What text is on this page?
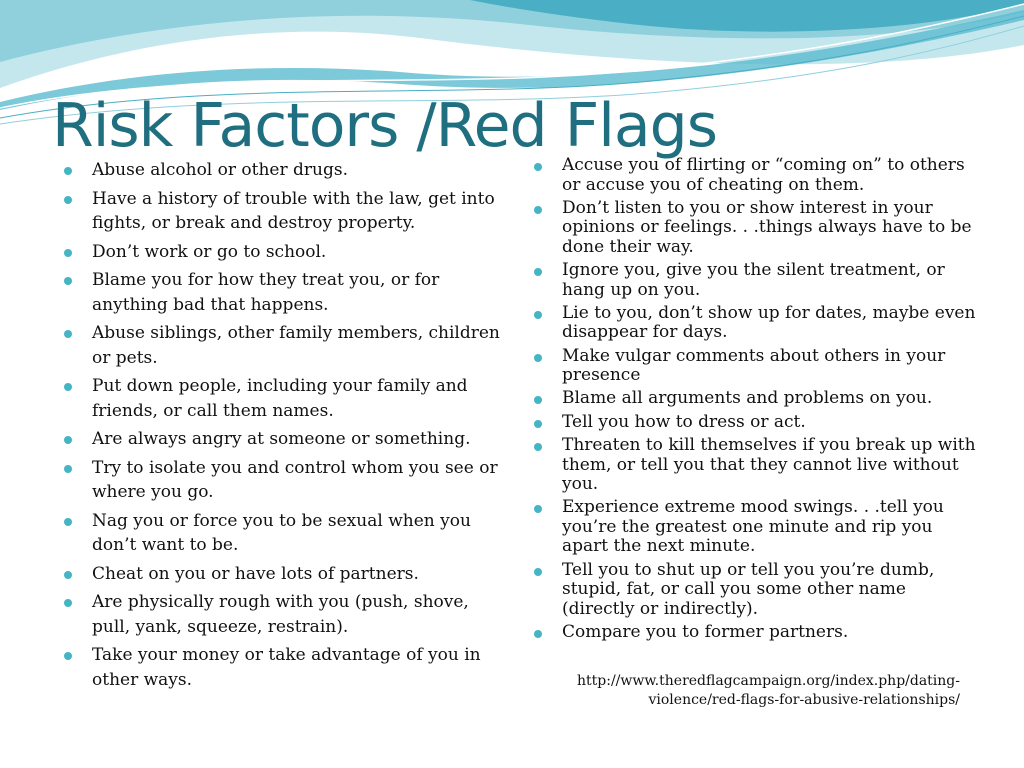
Risk Factors /Red Flags
Abuse alcohol or other drugs.
Have a history of trouble with the law, get into fights, or break and destroy property.
Don’t work or go to school.
Blame you for how they treat you, or for anything bad that happens.
Abuse siblings, other family members, children or pets.
Put down people, including your family and friends, or call them names.
Are always angry at someone or something.
Try to isolate you and control whom you see or where you go.
Nag you or force you to be sexual when you don’t want to be.
Cheat on you or have lots of partners.
Are physically rough with you (push, shove, pull, yank, squeeze, restrain).
Take your money or take advantage of you in other ways.
Accuse you of flirting or “coming on” to others or accuse you of cheating on them.
Don’t listen to you or show interest in your opinions or feelings. . .things always have to be done their way.
Ignore you, give you the silent treatment, or hang up on you.
Lie to you, don’t show up for dates, maybe even disappear for days.
Make vulgar comments about others in your presence
Blame all arguments and problems on you.
Tell you how to dress or act.
Threaten to kill themselves if you break up with them, or tell you that they cannot live without you.
Experience extreme mood swings. . .tell you you’re the greatest one minute and rip you apart the next minute.
Tell you to shut up or tell you you’re dumb, stupid, fat, or call you some other name (directly or indirectly).
Compare you to former partners.

http://www.theredflagcampaign.org/index.php/dating-violence/red-flags-for-abusive-relationships/
